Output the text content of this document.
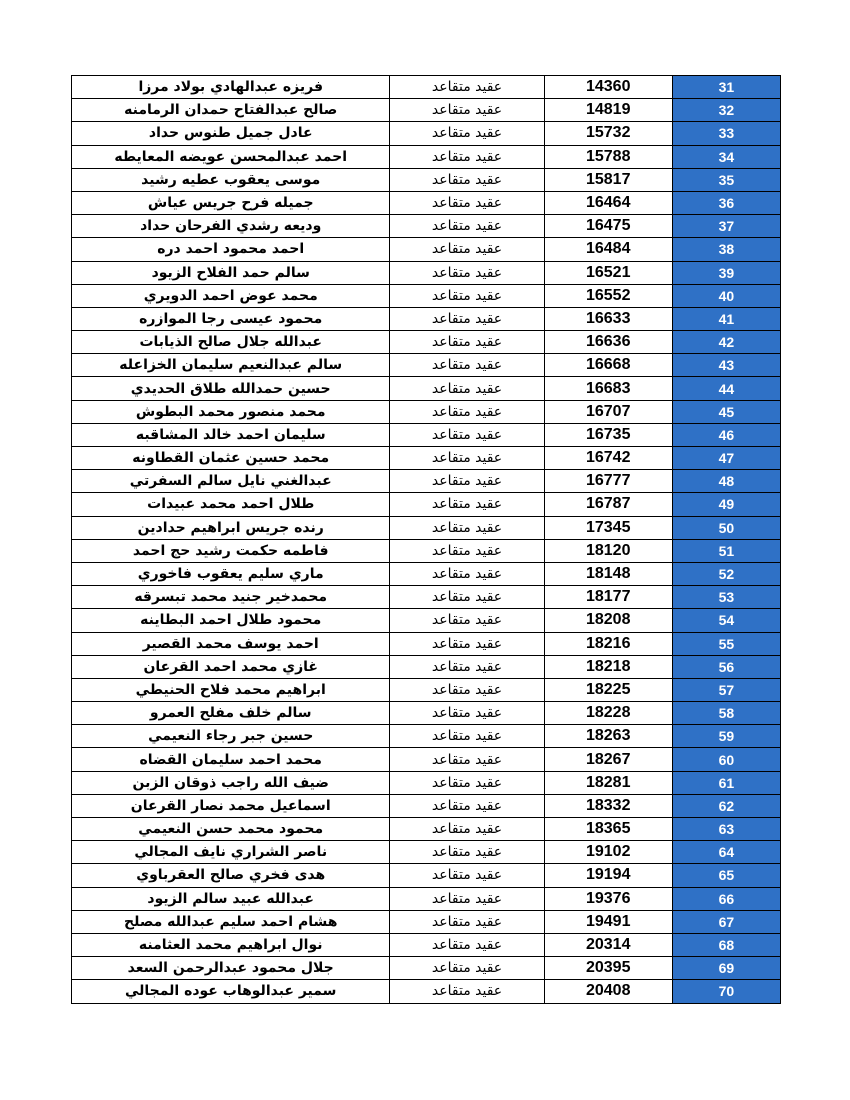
فريزه عبدالهادي بولاد مرزا	عقيد متقاعد	14360	31
صالح عبدالفتاح حمدان الرمامنه	عقيد متقاعد	14819	32
عادل جميل طنوس حداد	عقيد متقاعد	15732	33
احمد عبدالمحسن عويضه المعايطه	عقيد متقاعد	15788	34
موسى يعقوب عطيه رشيد	عقيد متقاعد	15817	35
جميله فرح جريس عياش	عقيد متقاعد	16464	36
وديعه رشدي الفرحان حداد	عقيد متقاعد	16475	37
احمد محمود احمد دره	عقيد متقاعد	16484	38
سالم حمد الفلاح الزيود	عقيد متقاعد	16521	39
محمد عوض احمد الدويري	عقيد متقاعد	16552	40
محمود عيسى رجا الموازره	عقيد متقاعد	16633	41
عبدالله جلال صالح الذيابات	عقيد متقاعد	16636	42
سالم عبدالنعيم سليمان الخزاعله	عقيد متقاعد	16668	43
حسين حمدالله طلاق الحديدي	عقيد متقاعد	16683	44
محمد منصور محمد البطوش	عقيد متقاعد	16707	45
سليمان احمد خالد المشاقبه	عقيد متقاعد	16735	46
محمد حسين عثمان القطاونه	عقيد متقاعد	16742	47
عبدالغني نايل سالم السفرتي	عقيد متقاعد	16777	48
طلال احمد محمد عبيدات	عقيد متقاعد	16787	49
رنده جريس ابراهيم حدادين	عقيد متقاعد	17345	50
فاطمه حكمت رشيد حج احمد	عقيد متقاعد	18120	51
ماري سليم يعقوب فاخوري	عقيد متقاعد	18148	52
محمدخير جنيد محمد تبسرقه	عقيد متقاعد	18177	53
محمود طلال احمد البطاينه	عقيد متقاعد	18208	54
احمد يوسف محمد القصير	عقيد متقاعد	18216	55
غازي محمد احمد القرعان	عقيد متقاعد	18218	56
ابراهيم محمد فلاح الحنيطي	عقيد متقاعد	18225	57
سالم خلف مفلح العمرو	عقيد متقاعد	18228	58
حسين جبر رجاء النعيمي	عقيد متقاعد	18263	59
محمد احمد سليمان القضاه	عقيد متقاعد	18267	60
ضيف الله راجب ذوقان الزبن	عقيد متقاعد	18281	61
اسماعيل محمد نصار القرعان	عقيد متقاعد	18332	62
محمود محمد حسن النعيمي	عقيد متقاعد	18365	63
ناصر الشراري نايف المجالي	عقيد متقاعد	19102	64
هدى فخري صالح العقرباوي	عقيد متقاعد	19194	65
عبدالله عبيد سالم الزيود	عقيد متقاعد	19376	66
هشام احمد سليم عبدالله مصلح	عقيد متقاعد	19491	67
نوال ابراهيم محمد العثامنه	عقيد متقاعد	20314	68
جلال محمود عبدالرحمن السعد	عقيد متقاعد	20395	69
سمير عبدالوهاب عوده المجالي	عقيد متقاعد	20408	70
